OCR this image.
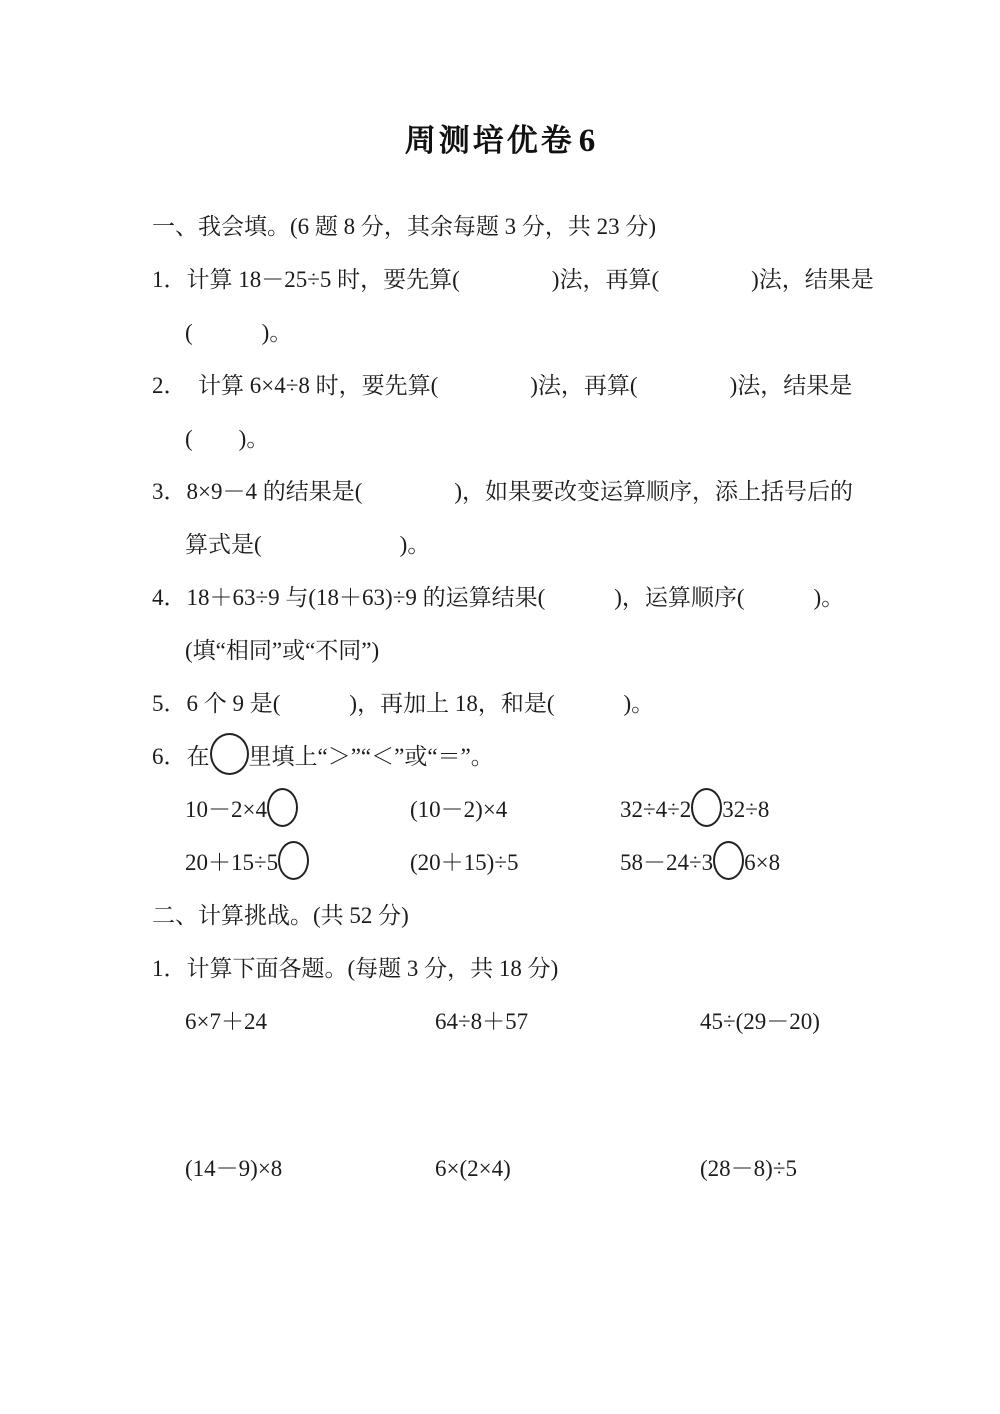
周测培优卷 6
一、我会填。(6 题 8 分，其余每题 3 分，共 23 分)
1．计算 18－25÷5 时，要先算(　　　　)法，再算(　　　　)法，结果是
(　　　)。
2．　计算 6×4÷8 时，要先算(　　　　)法，再算(　　　　)法，结果是
(　　)。
3．8×9－4 的结果是(　　　　)，如果要改变运算顺序，添上括号后的
算式是(　　　　　　)。
4．18＋63÷9 与(18＋63)÷9 的运算结果(　　　)，运算顺序(　　　)。
(填“相同”或“不同”)
5．6 个 9 是(　　　)，再加上 18，和是(　　　)。
6．在 里填上“＞”“＜”或“＝”。
10－2×4	(10－2)×4	32÷4÷2 32÷8
20＋15÷5	(20＋15)÷5	58－24÷3 6×8
二、计算挑战。(共 52 分)
1．计算下面各题。(每题 3 分，共 18 分)
6×7＋24	64÷8＋57	45÷(29－20)
(14－9)×8	6×(2×4)	(28－8)÷5
